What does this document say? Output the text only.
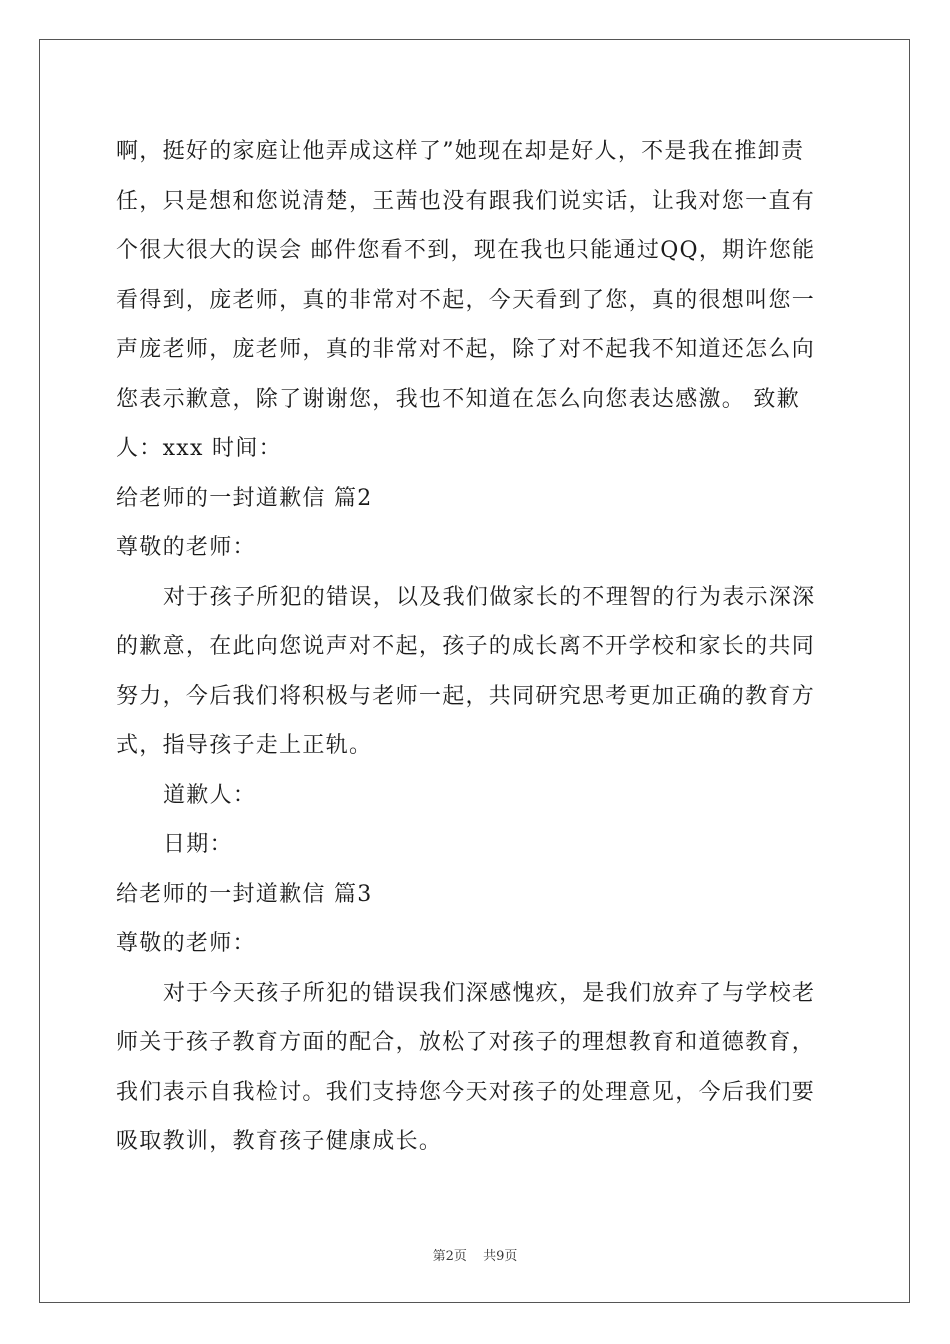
啊，挺好的家庭让他弄成这样了”她现在却是好人，不是我在推卸责
任，只是想和您说清楚，王茜也没有跟我们说实话，让我对您一直有
个很大很大的误会 邮件您看不到，现在我也只能通过QQ，期许您能
看得到，庞老师，真的非常对不起，今天看到了您，真的很想叫您一
声庞老师，庞老师，真的非常对不起，除了对不起我不知道还怎么向
您表示歉意，除了谢谢您，我也不知道在怎么向您表达感激。 致歉
人：xxx 时间：
给老师的一封道歉信 篇2
尊敬的老师：
对于孩子所犯的错误，以及我们做家长的不理智的行为表示深深
的歉意，在此向您说声对不起，孩子的成长离不开学校和家长的共同
努力，今后我们将积极与老师一起，共同研究思考更加正确的教育方
式，指导孩子走上正轨。
道歉人：
日期：
给老师的一封道歉信 篇3
尊敬的老师：
对于今天孩子所犯的错误我们深感愧疚，是我们放弃了与学校老
师关于孩子教育方面的配合，放松了对孩子的理想教育和道德教育，
我们表示自我检讨。我们支持您今天对孩子的处理意见，今后我们要
吸取教训，教育孩子健康成长。
第2页 共9页
